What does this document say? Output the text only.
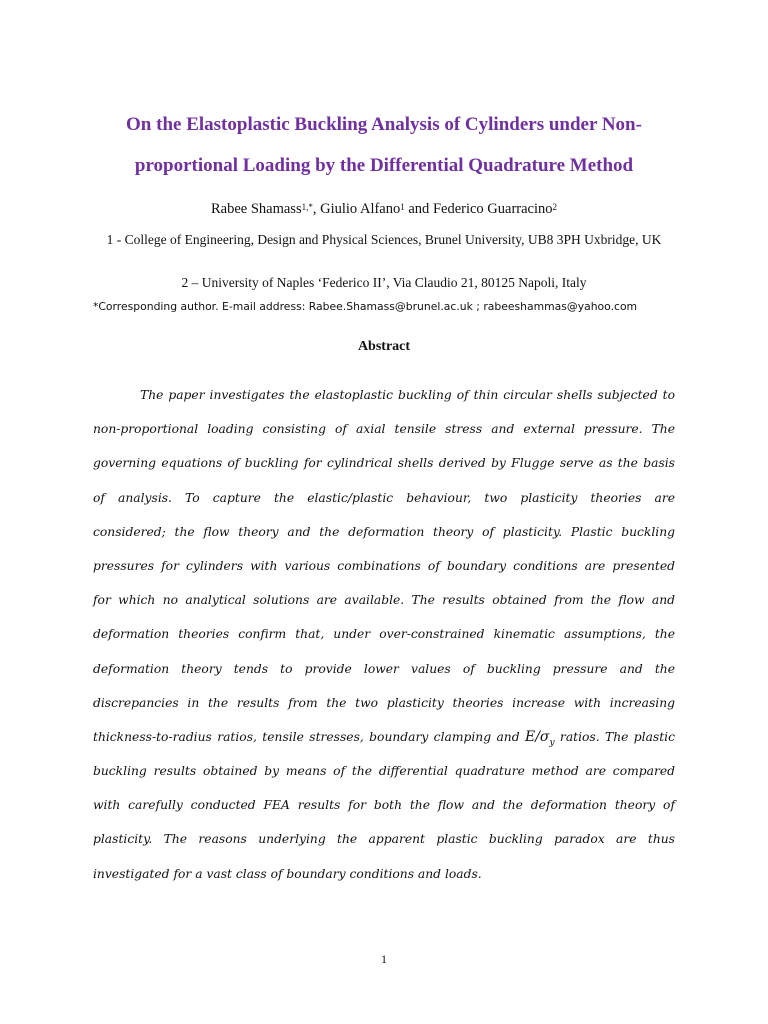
On the Elastoplastic Buckling Analysis of Cylinders under Non-proportional Loading by the Differential Quadrature Method

Rabee Shamass$^{1,*}$, Giulio Alfano$^1$ and Federico Guarracino$^2$

1 - College of Engineering, Design and Physical Sciences, Brunel University, UB8 3PH Uxbridge, UK

2 – University of Naples ‘Federico II’, Via Claudio 21, 80125 Napoli, Italy

*Corresponding author. E-mail address: Rabee.Shamass@brunel.ac.uk ; rabeeshammas@yahoo.com

Abstract
The paper investigates the elastoplastic buckling of thin circular shells subjected to
non-proportional loading consisting of axial tensile stress and external pressure. The
governing equations of buckling for cylindrical shells derived by Flugge serve as the basis
of analysis. To capture the elastic/plastic behaviour, two plasticity theories are
considered; the flow theory and the deformation theory of plasticity. Plastic buckling
pressures for cylinders with various combinations of boundary conditions are presented
for which no analytical solutions are available. The results obtained from the flow and
deformation theories confirm that, under over-constrained kinematic assumptions, the
deformation theory tends to provide lower values of buckling pressure and the
discrepancies in the results from the two plasticity theories increase with increasing
thickness-to-radius ratios, tensile stresses, boundary clamping and $E/\sigma_y$ ratios. The plastic
buckling results obtained by means of the differential quadrature method are compared
with carefully conducted FEA results for both the flow and the deformation theory of
plasticity. The reasons underlying the apparent plastic buckling paradox are thus
investigated for a vast class of boundary conditions and loads.

1
